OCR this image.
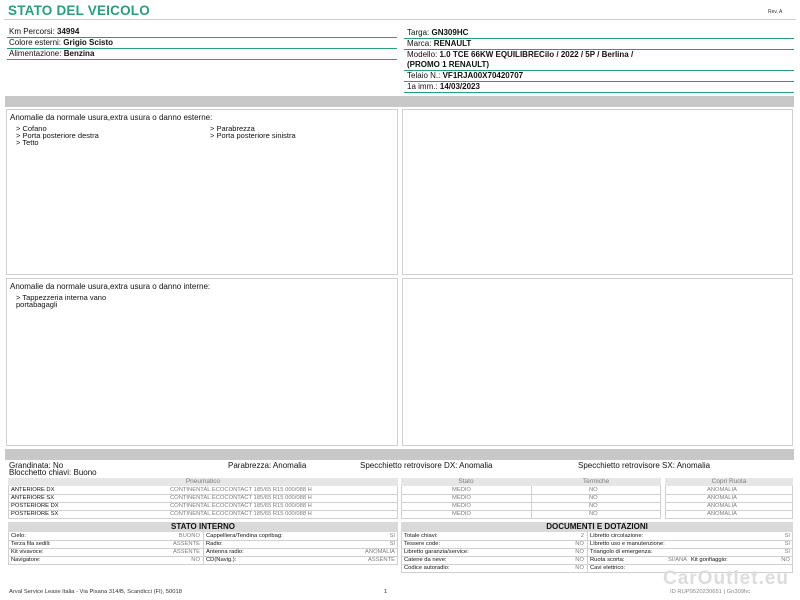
STATO DEL VEICOLO	Rev. A
Km Percorsi: 34994
Colore esterni: Grigio Scisto
Alimentazione: Benzina
Targa: GN309HC
Marca: RENAULT
Modello: 1.0 TCE 66KW EQUILIBRECilo / 2022 / 5P / Berlina /
(PROMO 1 RENAULT)
Telaio N.: VF1RJA00X70420707
1a imm.: 14/03/2023
Anomalie da normale usura,extra usura o danno esterne:
> Cofano
> Porta posteriore destra
> Tetto
> Parabrezza
> Porta posteriore sinistra
Anomalie da normale usura,extra usura o danno interne:
> Tappezzeria interna vano
portabagagli
Grandinata: No
Blocchetto chiavi: Buono
Parabrezza: Anomalia	Specchietto retrovisore DX: Anomalia	Specchietto retrovisore SX: Anomalia
Pneumatico
ANTERIORE DX	CONTINENTAL ECOCONTACT 185/65 R15 000/088 H
ANTERIORE SX	CONTINENTAL ECOCONTACT 185/65 R15 000/088 H
POSTERIORE DX	CONTINENTAL ECOCONTACT 185/65 R15 000/088 H
POSTERIORE SX	CONTINENTAL ECOCONTACT 185/65 R15 000/088 H
Stato	Termiche
MEDIO	NO
MEDIO	NO
MEDIO	NO
MEDIO	NO
Copri Ruota
ANOMALIA
ANOMALIA
ANOMALIA
ANOMALIA
STATO INTERNO
Cielo:	BUONO Cappelliera/Tendina copribag:	SI
Terza fila sedili:	ASSENTE Radio:	SI
Kit vivavoce:	ASSENTE Antenna radio:	ANOMALIA
Navigatore:	NO CD(Navig.):	ASSENTE
DOCUMENTI E DOTAZIONI
Totale chiavi:	2 Libretto circolazione:	SI
Tessere code:	NO Libretto uso e manutenzione:	SI
Libretto garanzia/service:	NO Triangolo di emergenza:	SI
Catene da neve:	NO Ruota scorta:	SI/ANA Kit gonfiaggio:	NO
Codice autoradio:	NO Cavi elettrico:
Arval Service Lease Italia - Via Pisana 314/B, Scandicci (FI), 50018	1	ID RUP9520230651 | Gn309hc
CarOutlet.eu
